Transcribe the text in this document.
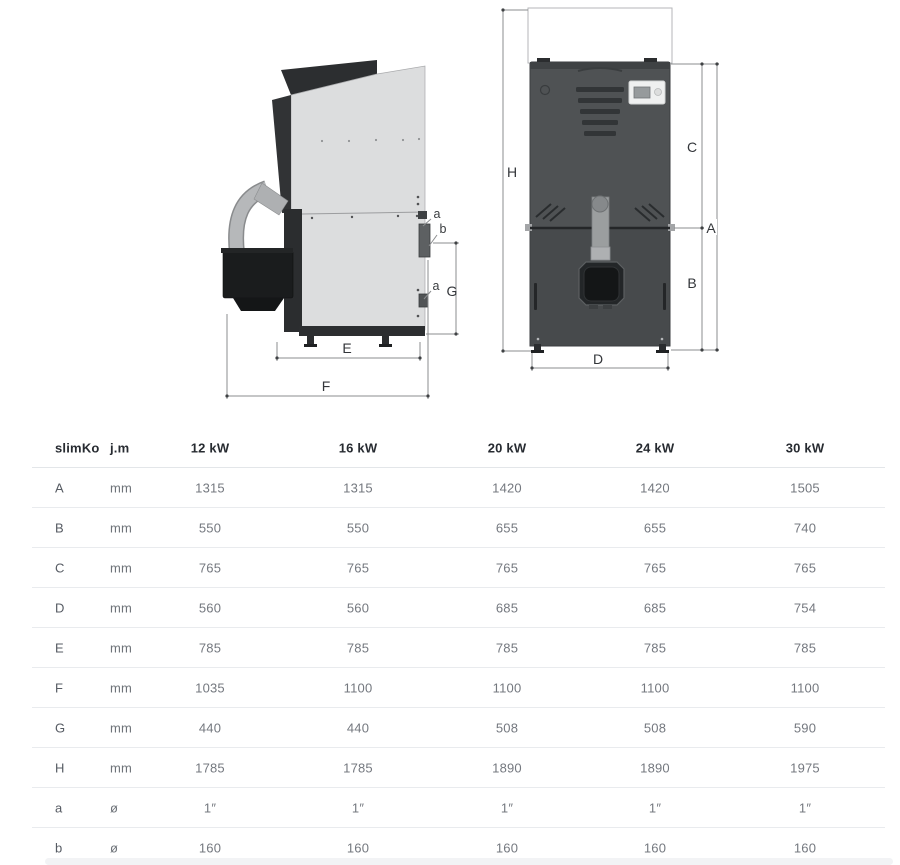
a
b
a G
E
F
H
C
A
B
D
slimKo j.m	12 kW	16 kW	20 kW	24 kW	30 kW
A	mm	1315	1315	1420	1420	1505
B	mm	550	550	655	655	740
C	mm	765	765	765	765	765
D	mm	560	560	685	685	754
E	mm	785	785	785	785	785
F	mm	1035	1100	1100	1100	1100
G	mm	440	440	508	508	590
H	mm	1785	1785	1890	1890	1975
a	ø	1″	1″	1″	1″	1″
b	ø	160	160	160	160	160
